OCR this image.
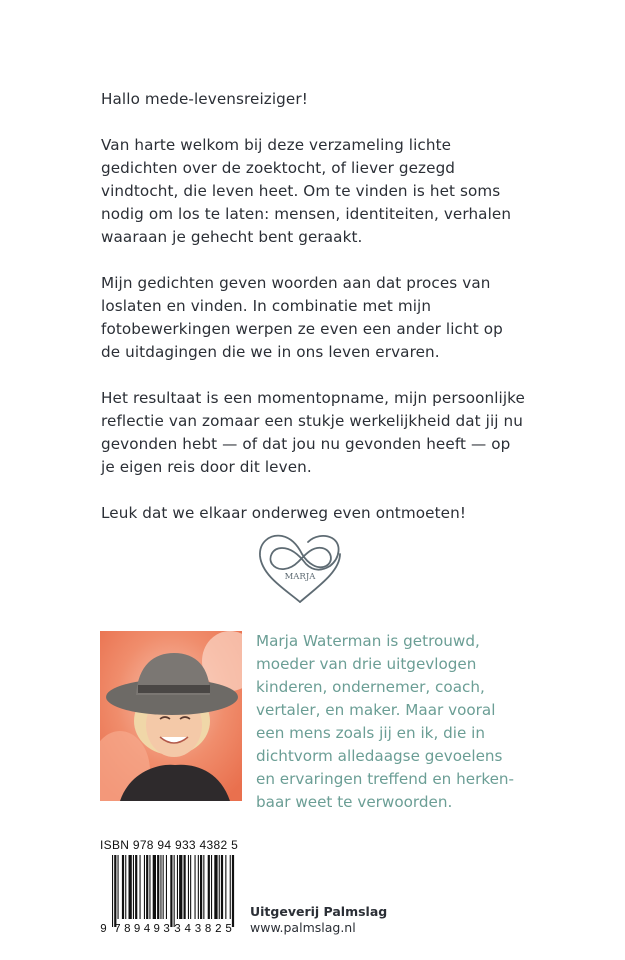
Hallo mede-levensreiziger!

Van harte welkom bij deze verzameling lichte
gedichten over de zoektocht, of liever gezegd
vindtocht, die leven heet. Om te vinden is het soms
nodig om los te laten: mensen, identiteiten, verhalen
waaraan je gehecht bent geraakt.

Mijn gedichten geven woorden aan dat proces van
loslaten en vinden. In combinatie met mijn
fotobewerkingen werpen ze even een ander licht op
de uitdagingen die we in ons leven ervaren.

Het resultaat is een momentopname, mijn persoonlijke
reflectie van zomaar een stukje werkelijkheid dat jij nu
gevonden hebt — of dat jou nu gevonden heeft — op
je eigen reis door dit leven.

Leuk dat we elkaar onderweg even ontmoeten!

MARJA
Marja Waterman is getrouwd,
moeder van drie uitgevlogen
kinderen, ondernemer, coach,
vertaler, en maker. Maar vooral
een mens zoals jij en ik, die in
dichtvorm alledaagse gevoelens
en ervaringen treffend en herken-
baar weet te verwoorden.
ISBN 978 94 933 4382 5
9 789493 343825
Uitgeverij Palmslag
www.palmslag.nl
